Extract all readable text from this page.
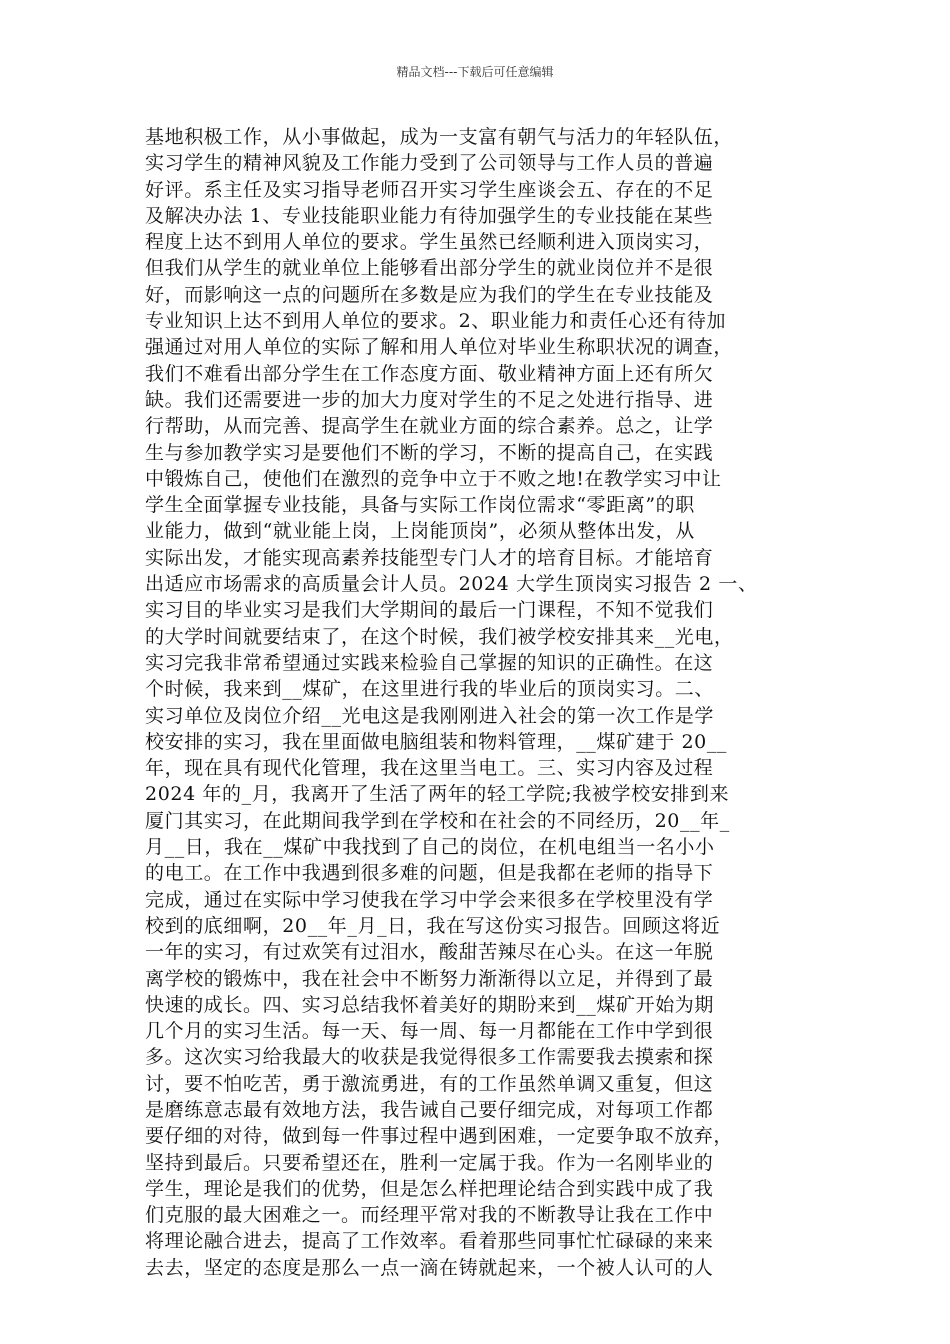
精品文档---下载后可任意编辑
基地积极工作，从小事做起，成为一支富有朝气与活力的年轻队伍，
实习学生的精神风貌及工作能力受到了公司领导与工作人员的普遍
好评。系主任及实习指导老师召开实习学生座谈会五、存在的不足
及解决办法 1、专业技能职业能力有待加强学生的专业技能在某些
程度上达不到用人单位的要求。学生虽然已经顺利进入顶岗实习，
但我们从学生的就业单位上能够看出部分学生的就业岗位并不是很
好，而影响这一点的问题所在多数是应为我们的学生在专业技能及
专业知识上达不到用人单位的要求。2、职业能力和责任心还有待加
强通过对用人单位的实际了解和用人单位对毕业生称职状况的调查，
我们不难看出部分学生在工作态度方面、敬业精神方面上还有所欠
缺。我们还需要进一步的加大力度对学生的不足之处进行指导、进
行帮助，从而完善、提高学生在就业方面的综合素养。总之，让学
生与参加教学实习是要他们不断的学习，不断的提高自己，在实践
中锻炼自己，使他们在激烈的竞争中立于不败之地!在教学实习中让
学生全面掌握专业技能，具备与实际工作岗位需求“零距离”的职
业能力，做到“就业能上岗，上岗能顶岗”，必须从整体出发，从
实际出发，才能实现高素养技能型专门人才的培育目标。才能培育
出适应市场需求的高质量会计人员。2024 大学生顶岗实习报告 2 一、
实习目的毕业实习是我们大学期间的最后一门课程，不知不觉我们
的大学时间就要结束了，在这个时候，我们被学校安排其来__光电，
实习完我非常希望通过实践来检验自己掌握的知识的正确性。在这
个时候，我来到__煤矿，在这里进行我的毕业后的顶岗实习。二、
实习单位及岗位介绍__光电这是我刚刚进入社会的第一次工作是学
校安排的实习，我在里面做电脑组装和物料管理，__煤矿建于 20__
年，现在具有现代化管理，我在这里当电工。三、实习内容及过程
2024 年的_月，我离开了生活了两年的轻工学院;我被学校安排到来
厦门其实习，在此期间我学到在学校和在社会的不同经历，20__年_
月__日，我在__煤矿中我找到了自己的岗位，在机电组当一名小小
的电工。在工作中我遇到很多难的问题，但是我都在老师的指导下
完成，通过在实际中学习使我在学习中学会来很多在学校里没有学
校到的底细啊，20__年_月_日，我在写这份实习报告。回顾这将近
一年的实习，有过欢笑有过泪水，酸甜苦辣尽在心头。在这一年脱
离学校的锻炼中，我在社会中不断努力渐渐得以立足，并得到了最
快速的成长。四、实习总结我怀着美好的期盼来到__煤矿开始为期
几个月的实习生活。每一天、每一周、每一月都能在工作中学到很
多。这次实习给我最大的收获是我觉得很多工作需要我去摸索和探
讨，要不怕吃苦，勇于激流勇进，有的工作虽然单调又重复，但这
是磨练意志最有效地方法，我告诫自己要仔细完成，对每项工作都
要仔细的对待，做到每一件事过程中遇到困难，一定要争取不放弃，
坚持到最后。只要希望还在，胜利一定属于我。作为一名刚毕业的
学生，理论是我们的优势，但是怎么样把理论结合到实践中成了我
们克服的最大困难之一。而经理平常对我的不断教导让我在工作中
将理论融合进去，提高了工作效率。看着那些同事忙忙碌碌的来来
去去，坚定的态度是那么一点一滴在铸就起来，一个被人认可的人
